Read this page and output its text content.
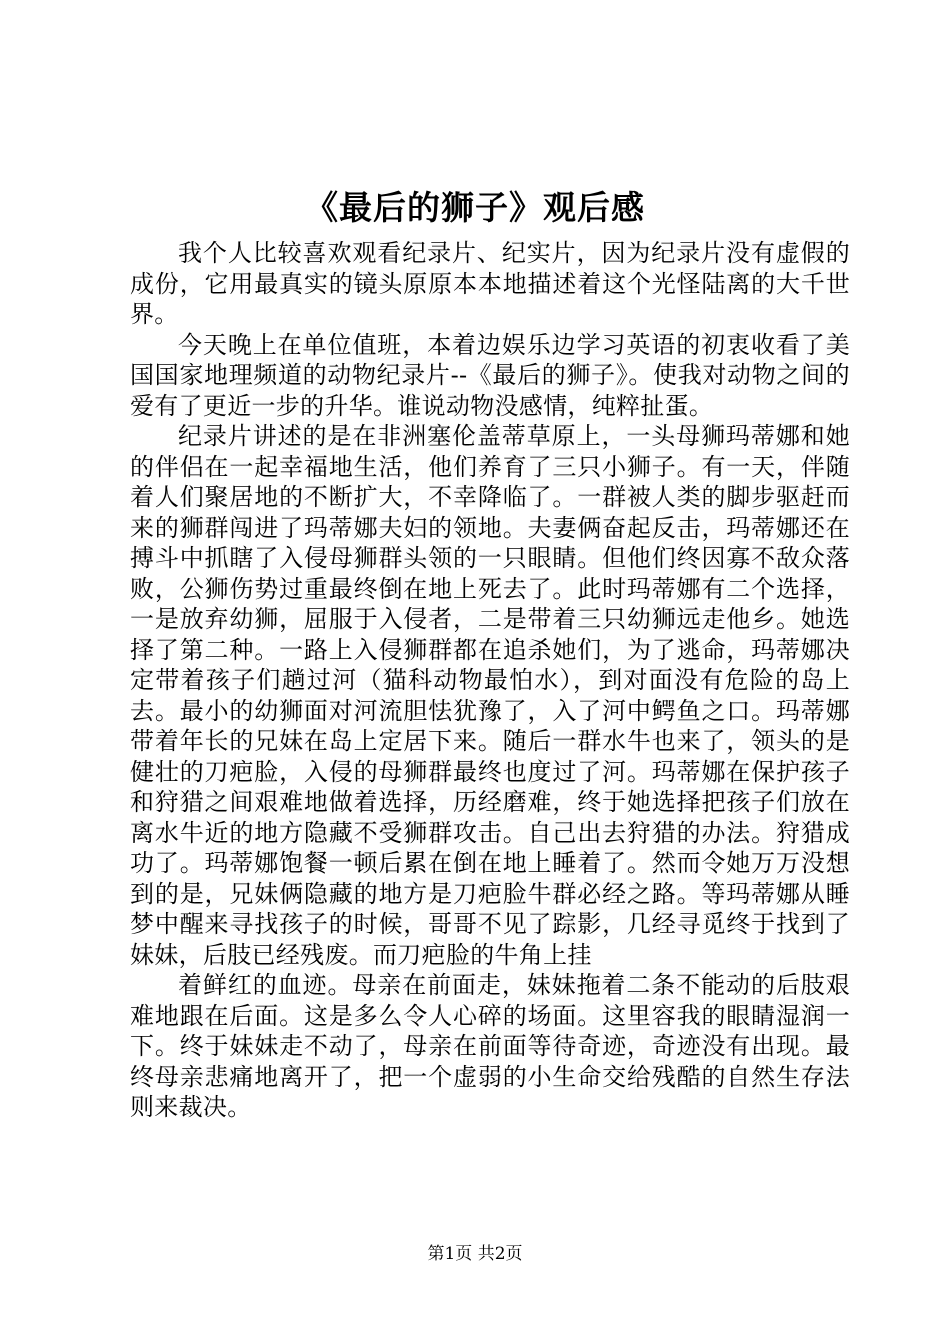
《最后的狮子》观后感

我个人比较喜欢观看纪录片、纪实片，因为纪录片没有虚假的成份，它用最真实的镜头原原本本地描述着这个光怪陆离的大千世界。

今天晚上在单位值班，本着边娱乐边学习英语的初衷收看了美国国家地理频道的动物纪录片--《最后的狮子》。使我对动物之间的爱有了更近一步的升华。谁说动物没感情，纯粹扯蛋。

纪录片讲述的是在非洲塞伦盖蒂草原上，一头母狮玛蒂娜和她的伴侣在一起幸福地生活，他们养育了三只小狮子。有一天，伴随着人们聚居地的不断扩大，不幸降临了。一群被人类的脚步驱赶而来的狮群闯进了玛蒂娜夫妇的领地。夫妻俩奋起反击，玛蒂娜还在搏斗中抓瞎了入侵母狮群头领的一只眼睛。但他们终因寡不敌众落败，公狮伤势过重最终倒在地上死去了。此时玛蒂娜有二个选择，一是放弃幼狮，屈服于入侵者，二是带着三只幼狮远走他乡。她选择了第二种。一路上入侵狮群都在追杀她们，为了逃命，玛蒂娜决定带着孩子们趟过河（猫科动物最怕水），到对面没有危险的岛上去。最小的幼狮面对河流胆怯犹豫了，入了河中鳄鱼之口。玛蒂娜带着年长的兄妹在岛上定居下来。随后一群水牛也来了，领头的是健壮的刀疤脸，入侵的母狮群最终也度过了河。玛蒂娜在保护孩子和狩猎之间艰难地做着选择，历经磨难，终于她选择把孩子们放在离水牛近的地方隐藏不受狮群攻击。自己出去狩猎的办法。狩猎成功了。玛蒂娜饱餐一顿后累在倒在地上睡着了。然而令她万万没想到的是，兄妹俩隐藏的地方是刀疤脸牛群必经之路。等玛蒂娜从睡梦中醒来寻找孩子的时候，哥哥不见了踪影，几经寻觅终于找到了妹妹，后肢已经残废。而刀疤脸的牛角上挂

着鲜红的血迹。母亲在前面走，妹妹拖着二条不能动的后肢艰难地跟在后面。这是多么令人心碎的场面。这里容我的眼睛湿润一下。终于妹妹走不动了，母亲在前面等待奇迹，奇迹没有出现。最终母亲悲痛地离开了，把一个虚弱的小生命交给残酷的自然生存法则来裁决。

第1页 共2页
